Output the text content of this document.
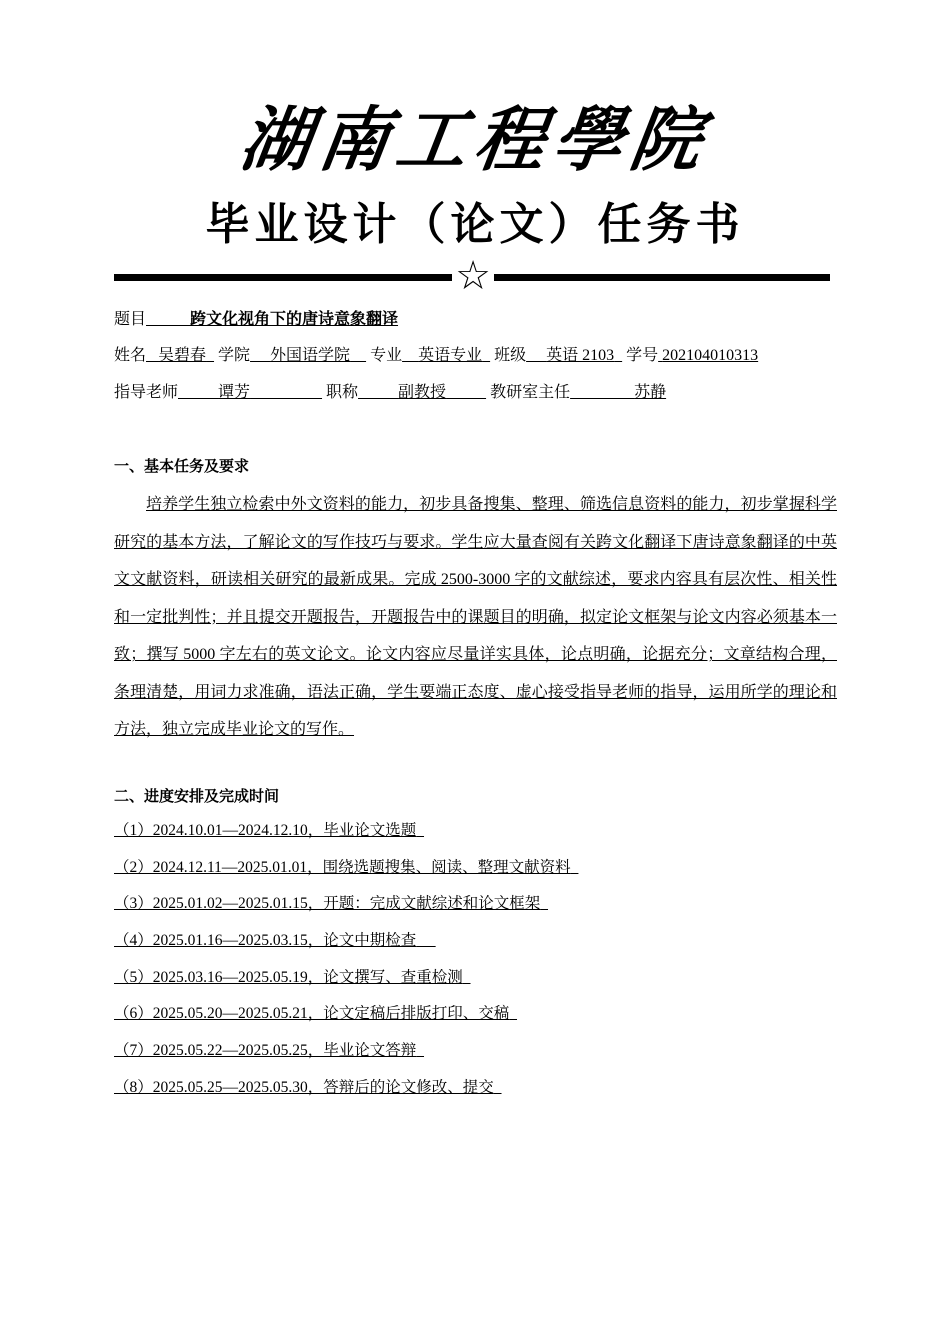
湖南工程學院
毕业设计（论文）任务书
☆
题目	跨文化视角下的唐诗意象翻译
姓名 吴碧春 学院 外国语学院 专业 英语专业 班级 英语 2103 学号 202104010313
指导老师	谭芳	职称	副教授	教研室主任	苏静
一、基本任务及要求
培养学生独立检索中外文资料的能力，初步具备搜集、整理、筛选信息资料的能力，初步掌握科学研究的基本方法，了解论文的写作技巧与要求。学生应大量查阅有关跨文化翻译下唐诗意象翻译的中英文文献资料，研读相关研究的最新成果。完成 2500-3000 字的文献综述，要求内容具有层次性、相关性和一定批判性；并且提交开题报告，开题报告中的课题目的明确，拟定论文框架与论文内容必须基本一致；撰写 5000 字左右的英文论文。论文内容应尽量详实具体，论点明确，论据充分；文章结构合理，条理清楚，用词力求准确，语法正确，学生要端正态度、虚心接受指导老师的指导，运用所学的理论和方法，独立完成毕业论文的写作。
二、进度安排及完成时间
（1）2024.10.01—2024.12.10，毕业论文选题
（2）2024.12.11—2025.01.01，围绕选题搜集、阅读、整理文献资料
（3）2025.01.02—2025.01.15，开题：完成文献综述和论文框架
（4）2025.01.16—2025.03.15，论文中期检查
（5）2025.03.16—2025.05.19，论文撰写、查重检测
（6）2025.05.20—2025.05.21，论文定稿后排版打印、交稿
（7）2025.05.22—2025.05.25，毕业论文答辩
（8）2025.05.25—2025.05.30，答辩后的论文修改、提交
